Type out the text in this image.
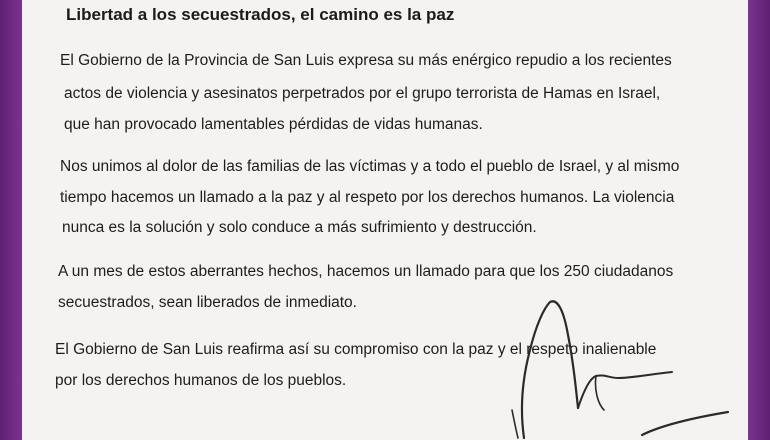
Libertad a los secuestrados, el camino es la paz

El Gobierno de la Provincia de San Luis expresa su más enérgico repudio a los recientes

actos de violencia y asesinatos perpetrados por el grupo terrorista de Hamas en Israel,

que han provocado lamentables pérdidas de vidas humanas.

Nos unimos al dolor de las familias de las víctimas y a todo el pueblo de Israel, y al mismo

tiempo hacemos un llamado a la paz y al respeto por los derechos humanos. La violencia

nunca es la solución y solo conduce a más sufrimiento y destrucción.

A un mes de estos aberrantes hechos, hacemos un llamado para que los 250 ciudadanos

secuestrados, sean liberados de inmediato.

El Gobierno de San Luis reafirma así su compromiso con la paz y el respeto inalienable

por los derechos humanos de los pueblos.
